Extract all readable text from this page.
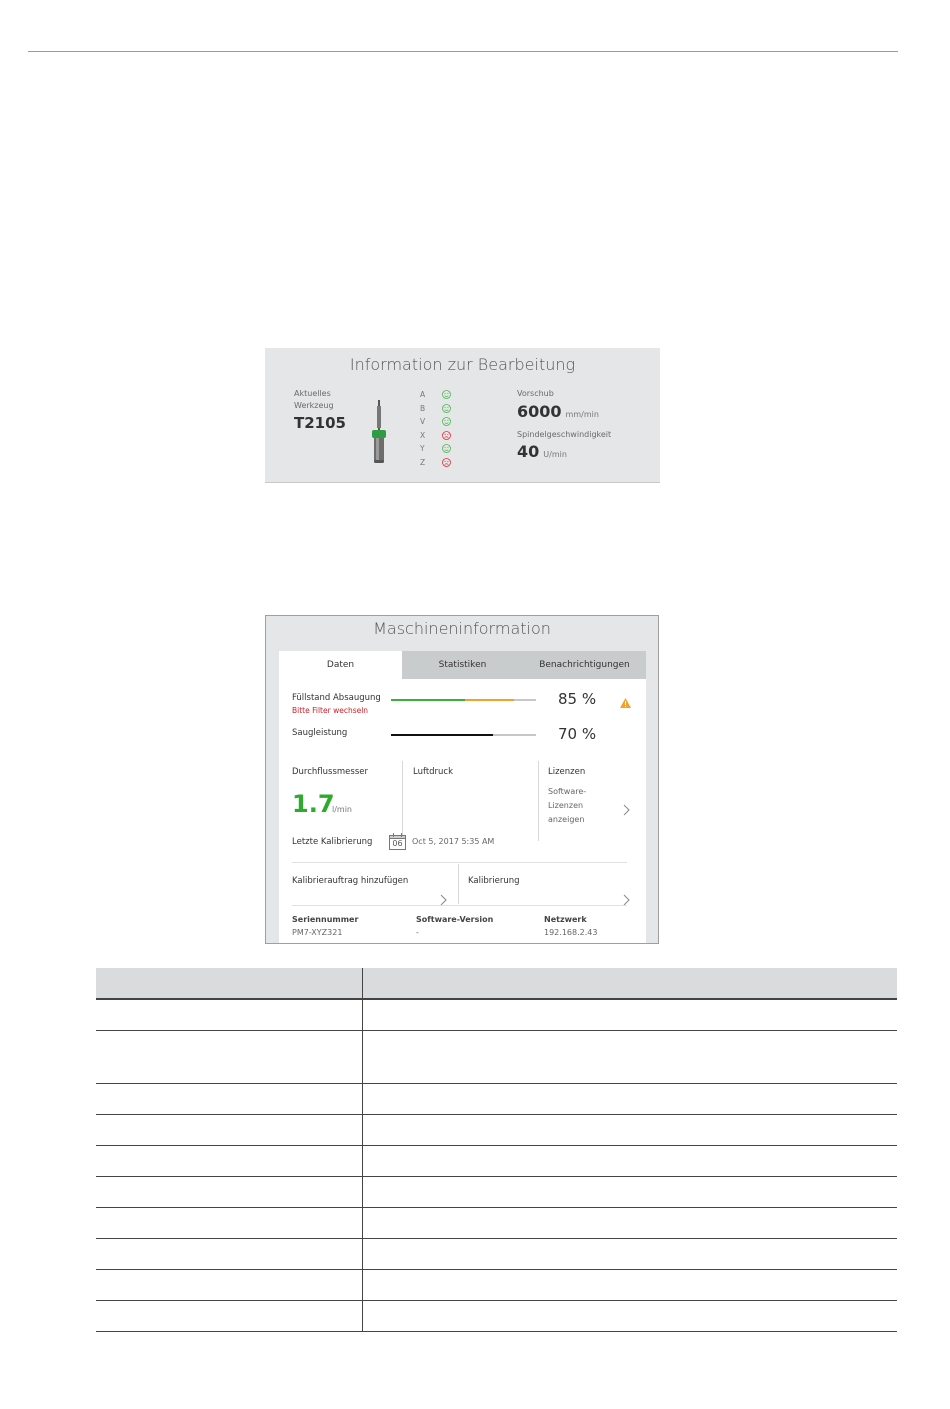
Information zur Bearbeitung
Aktuelles
Werkzeug
T2105
A
B
V
X
Y
Z
Vorschub
6000 mm/min
Spindelgeschwindigkeit
40 U/min
Maschineninformation
Daten	Statistiken	Benachrichtigungen
Füllstand Absaugung
Bitte Filter wechseln
85 %
Saugleistung	70 %
Durchflussmesser	Luftdruck	Lizenzen
1.7
l/min
Software-
Lizenzen
anzeigen
Letzte Kalibrierung	06	Oct 5, 2017 5:35 AM
Kalibrierauftrag hinzufügen	Kalibrierung
Seriennummer
PM7-XYZ321
Software-Version
-
Netzwerk
192.168.2.43
